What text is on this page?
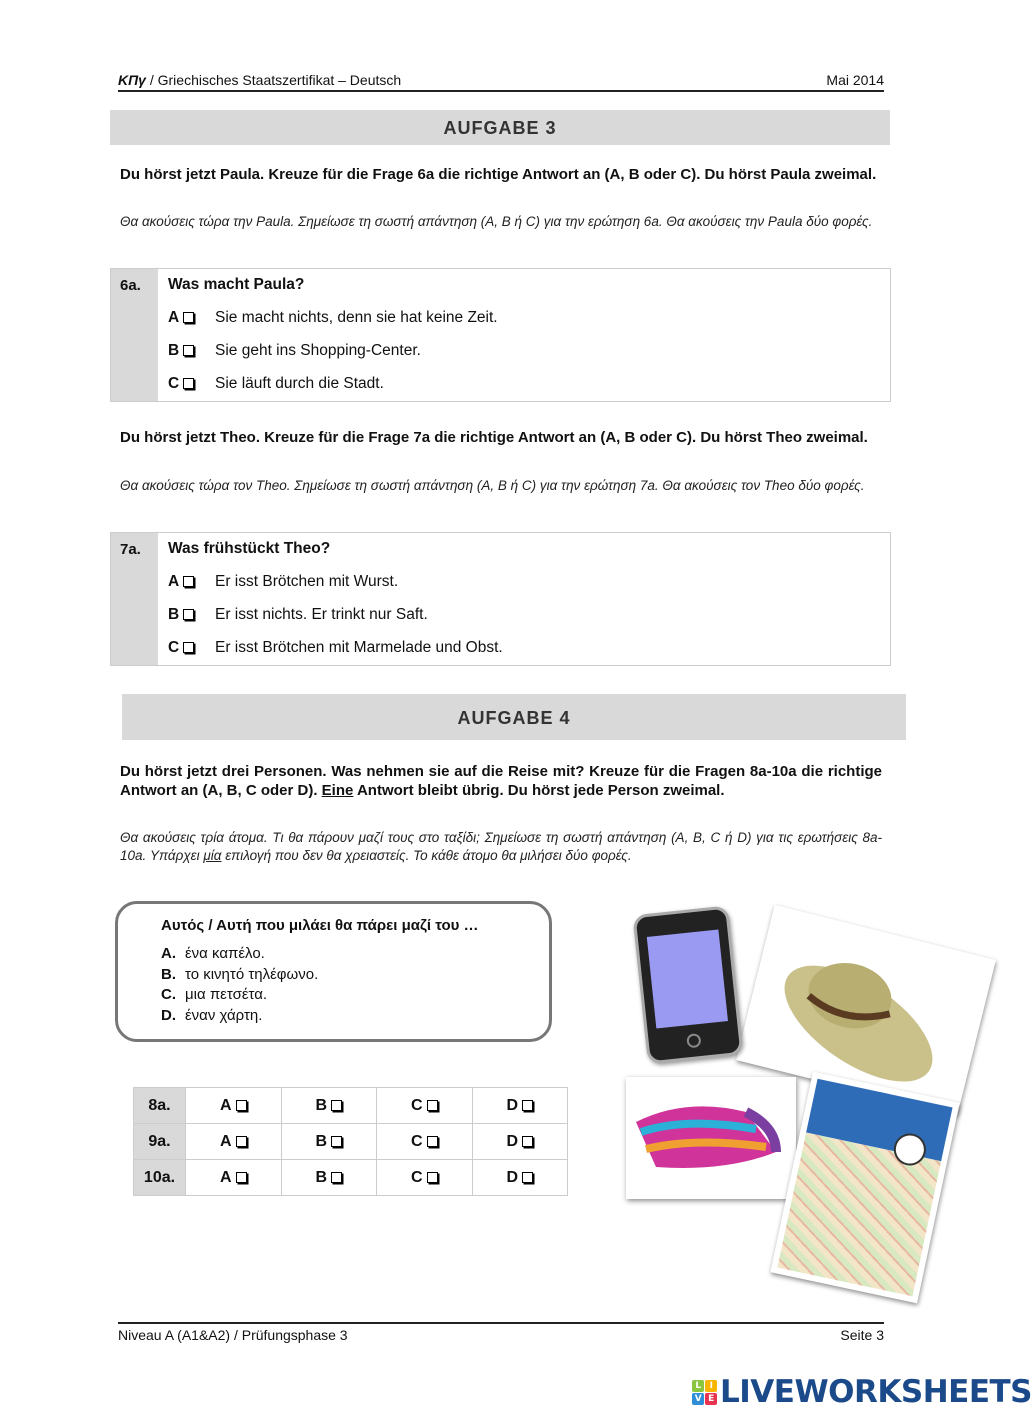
ΚΠγ / Griechisches Staatszertifikat – Deutsch	Mai 2014
AUFGABE 3
Du hörst jetzt Paula. Kreuze für die Frage 6a die richtige Antwort an (A, B oder C). Du hörst Paula zweimal.
Θα ακούσεις τώρα την Paula. Σημείωσε τη σωστή απάντηση (A, B ή C) για την ερώτηση 6a. Θα ακούσεις την Paula δύο φορές.
6a.	Was macht Paula?
A	Sie macht nichts, denn sie hat keine Zeit.
B	Sie geht ins Shopping-Center.
C	Sie läuft durch die Stadt.
Du hörst jetzt Theo. Kreuze für die Frage 7a die richtige Antwort an (A, B oder C). Du hörst Theo zweimal.
Θα ακούσεις τώρα τον Theo. Σημείωσε τη σωστή απάντηση (A, B ή C) για την ερώτηση 7a. Θα ακούσεις τον Theo δύο φορές.
7a.	Was frühstückt Theo?
A	Er isst Brötchen mit Wurst.
B	Er isst nichts. Er trinkt nur Saft.
C	Er isst Brötchen mit Marmelade und Obst.
AUFGABE 4
Du hörst jetzt drei Personen. Was nehmen sie auf die Reise mit? Kreuze für die Fragen 8a-10a die richtige Antwort an (A, B, C oder D). Eine Antwort bleibt übrig. Du hörst jede Person zweimal.
Θα ακούσεις τρία άτομα. Τι θα πάρουν μαζί τους στο ταξίδι; Σημείωσε τη σωστή απάντηση (A, B, C ή D) για τις ερωτήσεις 8a-10a. Υπάρχει μία επιλογή που δεν θα χρειαστείς. Το κάθε άτομο θα μιλήσει δύο φορές.
Αυτός / Αυτή που μιλάει θα πάρει μαζί του …
A. ένα καπέλο.
B. το κινητό τηλέφωνο.
C. μια πετσέτα.
D. έναν χάρτη.
8a.	A	B	C	D
9a.	A	B	C	D
10a.	A	B	C	D
Niveau A (A1&A2) / Prüfungsphase 3	Seite 3
L I
V E LIVEWORKSHEETS
